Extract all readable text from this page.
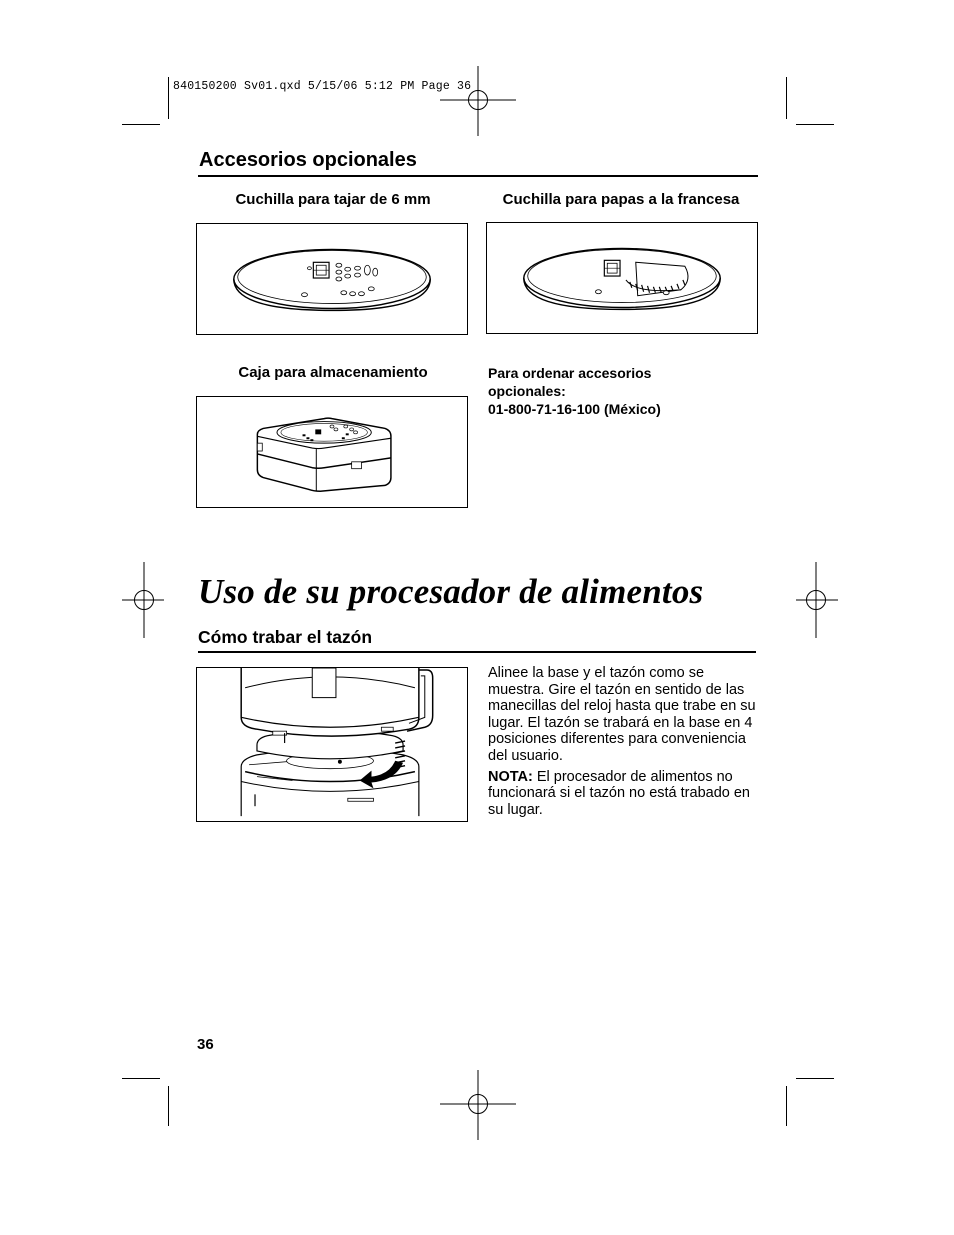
840150200 Sv01.qxd 5/15/06 5:12 PM Page 36
Accesorios opcionales
Cuchilla para tajar de 6 mm	Cuchilla para papas a la francesa
Caja para almacenamiento	Para ordenar accesorios
opcionales:
01-800-71-16-100 (México)
Uso de su procesador de alimentos
Cómo trabar el tazón
Alinee la base y el tazón como se muestra. Gire el tazón en sentido de las manecillas del reloj hasta que trabe en su lugar. El tazón se trabará en la base en 4 posiciones diferentes para conveniencia del usuario.
NOTA: El procesador de alimentos no funcionará si el tazón no está trabado en su lugar.
36
